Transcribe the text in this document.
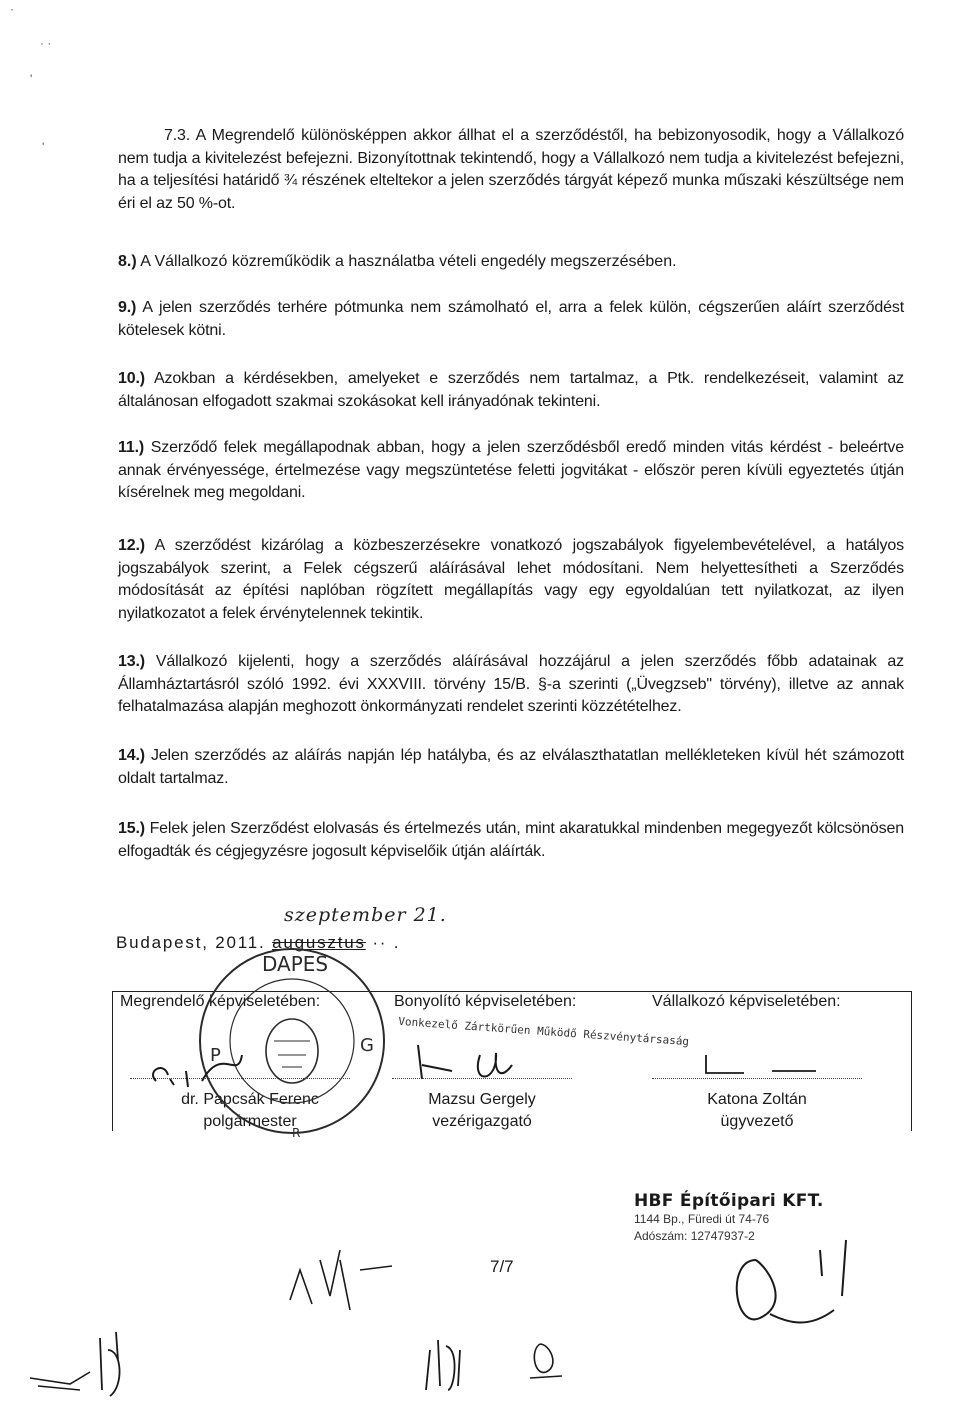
·
· ·
'
'
7.3. A Megrendelő különösképpen akkor állhat el a szerződéstől, ha bebizonyosodik, hogy a Vállalkozó nem tudja a kivitelezést befejezni. Bizonyítottnak tekintendő, hogy a Vállalkozó nem tudja a kivitelezést befejezni, ha a teljesítési határidő ¾ részének elteltekor a jelen szerződés tárgyát képező munka műszaki készültsége nem éri el az 50 %-ot.
8.) A Vállalkozó közreműködik a használatba vételi engedély megszerzésében.
9.) A jelen szerződés terhére pótmunka nem számolható el, arra a felek külön, cégszerűen aláírt szerződést kötelesek kötni.
10.) Azokban a kérdésekben, amelyeket e szerződés nem tartalmaz, a Ptk. rendelkezéseit, valamint az általánosan elfogadott szakmai szokásokat kell irányadónak tekinteni.
11.) Szerződő felek megállapodnak abban, hogy a jelen szerződésből eredő minden vitás kérdést - beleértve annak érvényessége, értelmezése vagy megszüntetése feletti jogvitákat - először peren kívüli egyeztetés útján kísérelnek meg megoldani.
12.) A szerződést kizárólag a közbeszerzésekre vonatkozó jogszabályok figyelembevételével, a hatályos jogszabályok szerint, a Felek cégszerű aláírásával lehet módosítani. Nem helyettesítheti a Szerződés módosítását az építési naplóban rögzített megállapítás vagy egy egyoldalúan tett nyilatkozat, az ilyen nyilatkozatot a felek érvénytelennek tekintik.
13.) Vállalkozó kijelenti, hogy a szerződés aláírásával hozzájárul a jelen szerződés főbb adatainak az Államháztartásról szóló 1992. évi XXXVIII. törvény 15/B. §-a szerinti („Üvegzseb" törvény), illetve az annak felhatalmazása alapján meghozott önkormányzati rendelet szerinti közzétételhez.
14.) Jelen szerződés az aláírás napján lép hatályba, és az elválaszthatatlan mellékleteken kívül hét számozott oldalt tartalmaz.
15.) Felek jelen Szerződést elolvasás és értelmezés után, mint akaratukkal mindenben megegyezőt kölcsönösen elfogadták és cégjegyzésre jogosult képviselőik útján aláírták.
szeptember 21.
Budapest, 2011. augusztus ·· .
Megrendelő képviseletében:	Bonyolító képviseletében:	Vállalkozó képviseletében:
dr. Papcsák Ferenc	Mazsu Gergely	Katona Zoltán
polgármester	vezérigazgató	ügyvezető
DAPES
P	G
R
Vonkezelő Zártkörűen Működő Részvénytársaság
HBF Építőipari KFT.
1144 Bp., Füredi út 74-76
Adószám: 12747937-2
7/7
